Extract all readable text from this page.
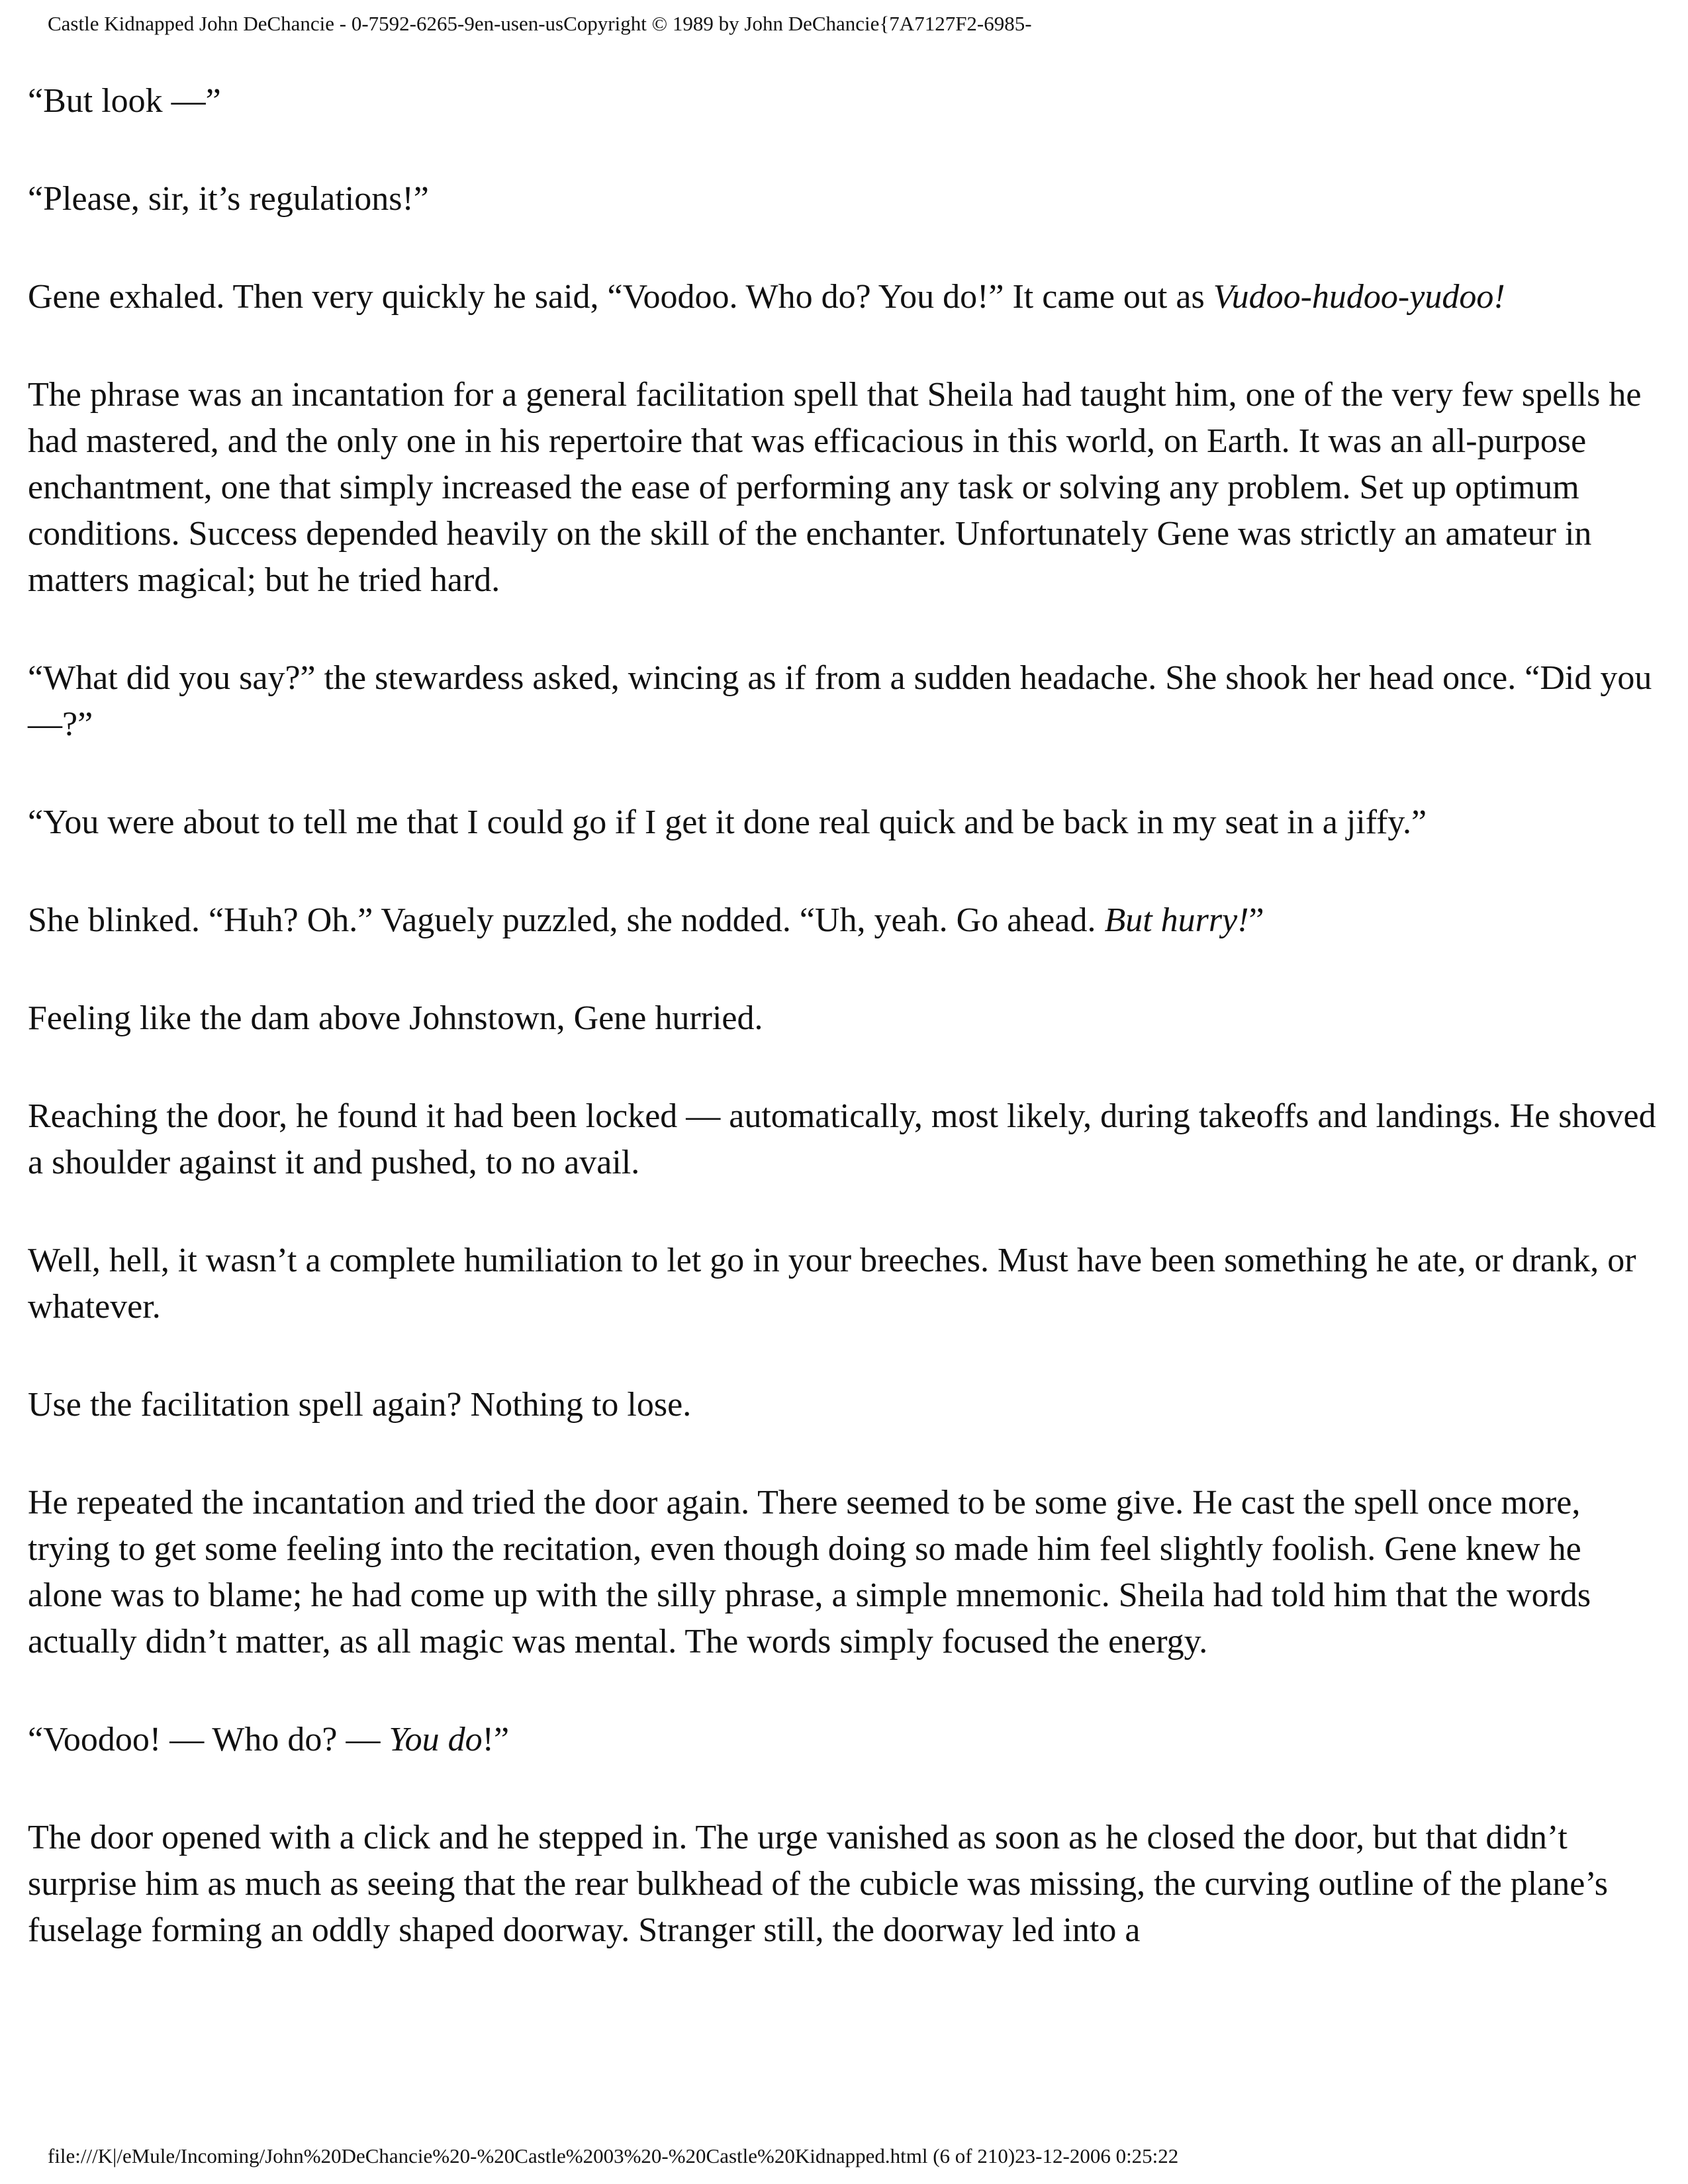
Castle Kidnapped John DeChancie - 0-7592-6265-9en-usen-usCopyright © 1989 by John DeChancie{7A7127F2-6985-

“But look —”

“Please, sir, it’s regulations!”

Gene exhaled. Then very quickly he said, “Voodoo. Who do? You do!” It came out as Vudoo-hudoo-yudoo!

The phrase was an incantation for a general facilitation spell that Sheila had taught him, one of the very few spells he had mastered, and the only one in his repertoire that was efficacious in this world, on Earth. It was an all-purpose enchantment, one that simply increased the ease of performing any task or solving any problem. Set up optimum conditions. Success depended heavily on the skill of the enchanter. Unfortunately Gene was strictly an amateur in matters magical; but he tried hard.

“What did you say?” the stewardess asked, wincing as if from a sudden headache. She shook her head once. “Did you —?”

“You were about to tell me that I could go if I get it done real quick and be back in my seat in a jiffy.”

She blinked. “Huh? Oh.” Vaguely puzzled, she nodded. “Uh, yeah. Go ahead. But hurry!”

Feeling like the dam above Johnstown, Gene hurried.

Reaching the door, he found it had been locked — automatically, most likely, during takeoffs and landings. He shoved a shoulder against it and pushed, to no avail.

Well, hell, it wasn’t a complete humiliation to let go in your breeches. Must have been something he ate, or drank, or whatever.

Use the facilitation spell again? Nothing to lose.

He repeated the incantation and tried the door again. There seemed to be some give. He cast the spell once more, trying to get some feeling into the recitation, even though doing so made him feel slightly foolish. Gene knew he alone was to blame; he had come up with the silly phrase, a simple mnemonic. Sheila had told him that the words actually didn’t matter, as all magic was mental. The words simply focused the energy.

“Voodoo! — Who do? — You do!”

The door opened with a click and he stepped in. The urge vanished as soon as he closed the door, but that didn’t surprise him as much as seeing that the rear bulkhead of the cubicle was missing, the curving outline of the plane’s fuselage forming an oddly shaped doorway. Stranger still, the doorway led into a

file:///K|/eMule/Incoming/John%20DeChancie%20-%20Castle%2003%20-%20Castle%20Kidnapped.html (6 of 210)23-12-2006 0:25:22
